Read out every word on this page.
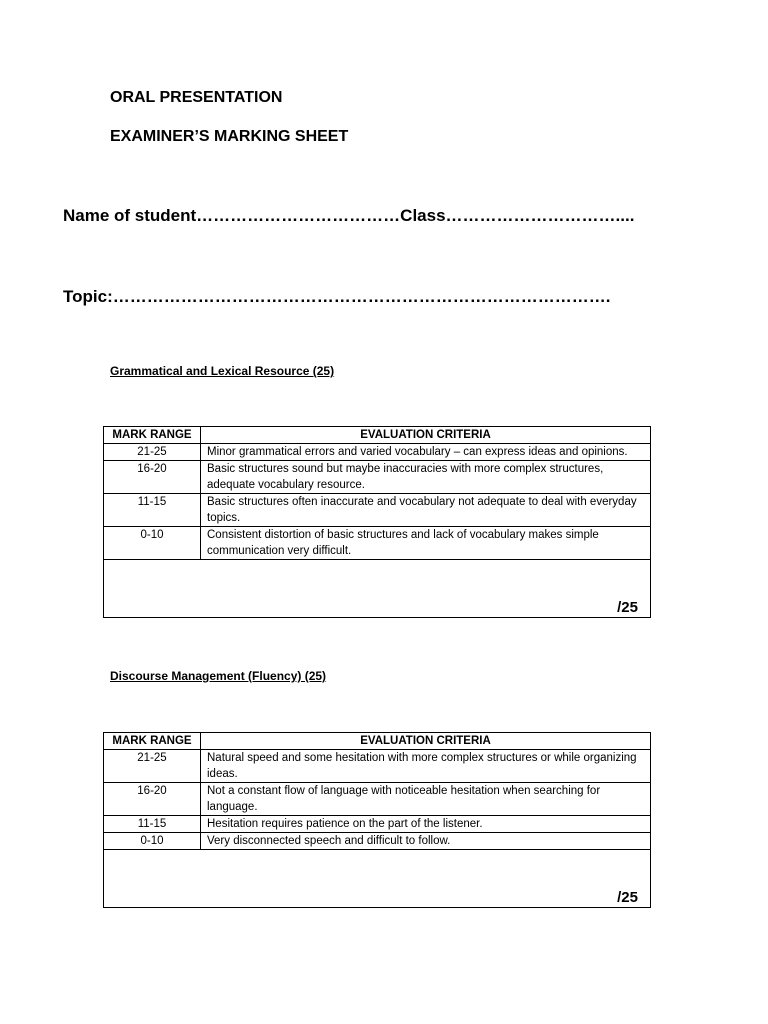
ORAL PRESENTATION
EXAMINER’S MARKING SHEET
Name of student………………………………Class…………………………....
Topic:…………………………………………………………………………….
Grammatical and Lexical Resource (25)
MARK RANGE	EVALUATION CRITERIA
21-25	Minor grammatical errors and varied vocabulary – can express ideas and opinions.
16-20	Basic structures sound but maybe inaccuracies with more complex structures, adequate vocabulary resource.
11-15	Basic structures often inaccurate and vocabulary not adequate to deal with everyday topics.
0-10	Consistent distortion of basic structures and lack of vocabulary makes simple communication very difficult.

/25	
Discourse Management (Fluency) (25)
MARK RANGE	EVALUATION CRITERIA
21-25	Natural speed and some hesitation with more complex structures or while organizing ideas.
16-20	Not a constant flow of language with noticeable hesitation when searching for language.
11-15	Hesitation requires patience on the part of the listener.
0-10	Very disconnected speech and difficult to follow.

/25	
